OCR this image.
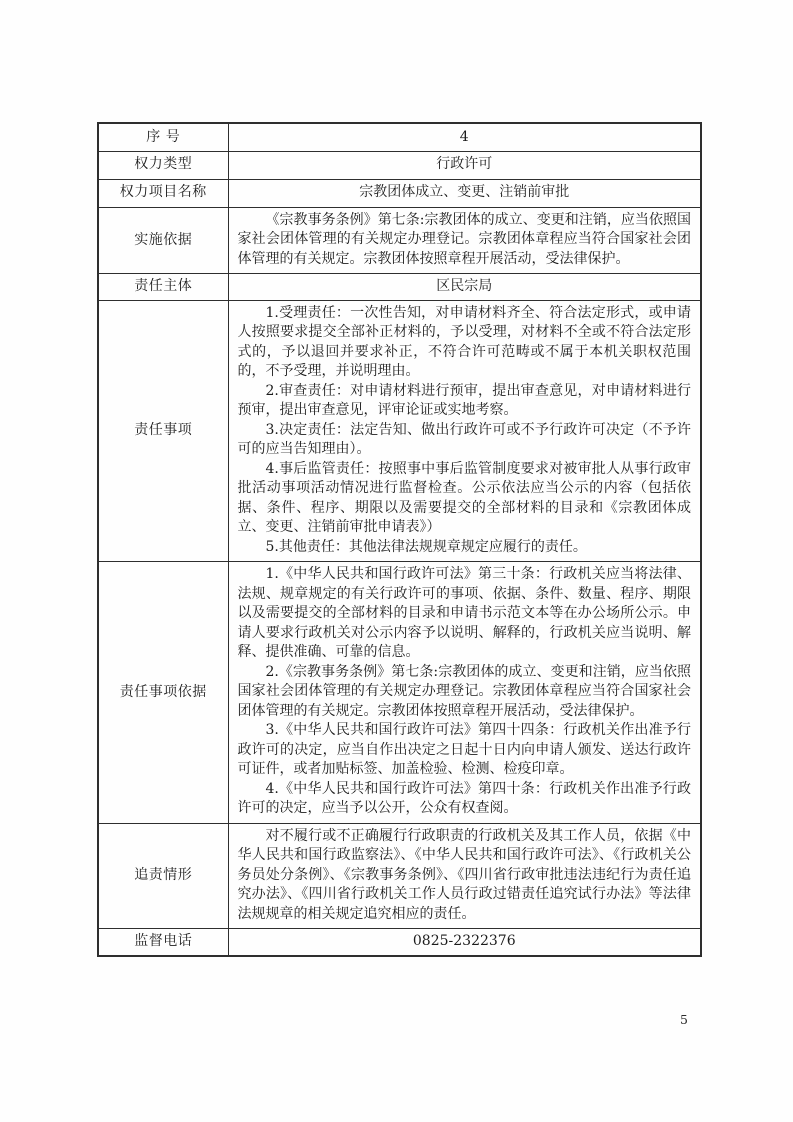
序 号	4
权力类型	行政许可
权力项目名称	宗教团体成立、变更、注销前审批
实施依据	《宗教事务条例》第七条:宗教团体的成立、变更和注销，应当依照国家社会团体管理的有关规定办理登记。宗教团体章程应当符合国家社会团体管理的有关规定。宗教团体按照章程开展活动，受法律保护。

责任主体	区民宗局
责任事项	1.受理责任：一次性告知，对申请材料齐全、符合法定形式，或申请人按照要求提交全部补正材料的，予以受理，对材料不全或不符合法定形式的，予以退回并要求补正，不符合许可范畴或不属于本机关职权范围的，不予受理，并说明理由。

2.审查责任：对申请材料进行预审，提出审查意见，对申请材料进行预审，提出审查意见，评审论证或实地考察。

3.决定责任：法定告知、做出行政许可或不予行政许可决定（不予许可的应当告知理由）。

4.事后监管责任：按照事中事后监管制度要求对被审批人从事行政审批活动事项活动情况进行监督检查。公示依法应当公示的内容（包括依据、条件、程序、期限以及需要提交的全部材料的目录和《宗教团体成立、变更、注销前审批申请表》）

5.其他责任：其他法律法规规章规定应履行的责任。

责任事项依据	1.《中华人民共和国行政许可法》第三十条：行政机关应当将法律、法规、规章规定的有关行政许可的事项、依据、条件、数量、程序、期限以及需要提交的全部材料的目录和申请书示范文本等在办公场所公示。申请人要求行政机关对公示内容予以说明、解释的，行政机关应当说明、解释、提供准确、可靠的信息。

2.《宗教事务条例》第七条:宗教团体的成立、变更和注销，应当依照国家社会团体管理的有关规定办理登记。宗教团体章程应当符合国家社会团体管理的有关规定。宗教团体按照章程开展活动，受法律保护。

3.《中华人民共和国行政许可法》第四十四条：行政机关作出准予行政许可的决定，应当自作出决定之日起十日内向申请人颁发、送达行政许可证件，或者加贴标签、加盖检验、检测、检疫印章。

4.《中华人民共和国行政许可法》第四十条：行政机关作出准予行政许可的决定，应当予以公开，公众有权查阅。

追责情形	对不履行或不正确履行行政职责的行政机关及其工作人员，依据《中华人民共和国行政监察法》、《中华人民共和国行政许可法》、《行政机关公务员处分条例》、《宗教事务条例》、《四川省行政审批违法违纪行为责任追究办法》、《四川省行政机关工作人员行政过错责任追究试行办法》等法律法规规章的相关规定追究相应的责任。

监督电话	0825-2322376
5
